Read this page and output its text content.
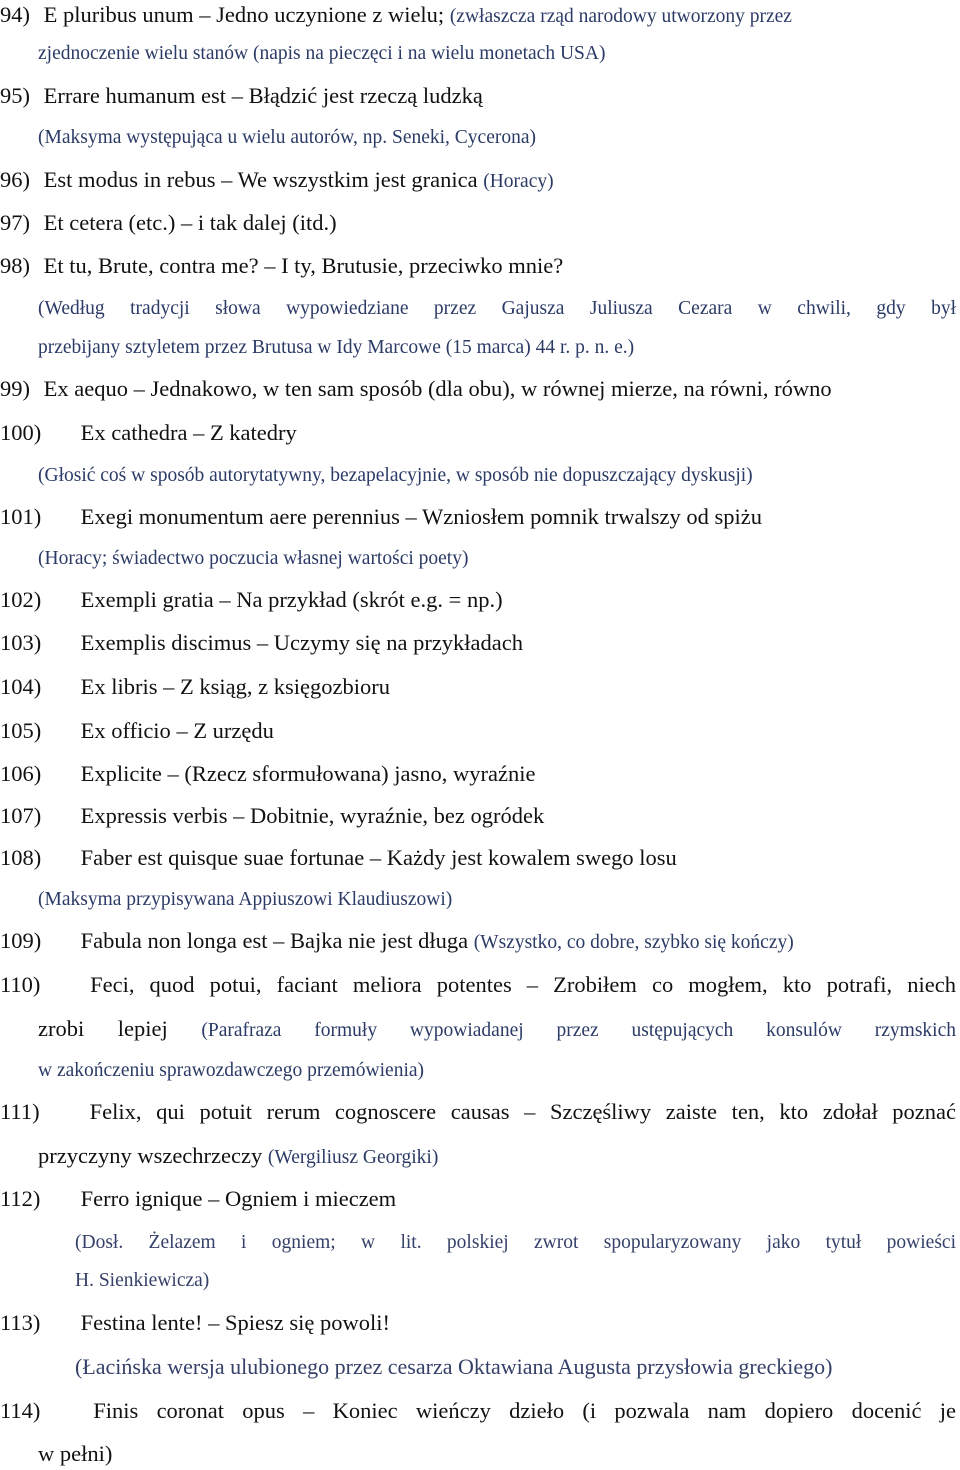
94) E pluribus unum – Jedno uczynione z wielu; (zwłaszcza rząd narodowy utworzony przez
zjednoczenie wielu stanów (napis na pieczęci i na wielu monetach USA)
95) Errare humanum est – Błądzić jest rzeczą ludzką
(Maksyma występująca u wielu autorów, np. Seneki, Cycerona)
96) Est modus in rebus – We wszystkim jest granica (Horacy)
97) Et cetera (etc.) – i tak dalej (itd.)
98) Et tu, Brute, contra me? – I ty, Brutusie, przeciwko mnie?
(Według tradycji słowa wypowiedziane przez Gajusza Juliusza Cezara w chwili, gdy był
przebijany sztyletem przez Brutusa w Idy Marcowe (15 marca) 44 r. p. n. e.)
99) Ex aequo – Jednakowo, w ten sam sposób (dla obu), w równej mierze, na równi, równo
100) Ex cathedra – Z katedry
(Głosić coś w sposób autorytatywny, bezapelacyjnie, w sposób nie dopuszczający dyskusji)
101) Exegi monumentum aere perennius – Wzniosłem pomnik trwalszy od spiżu
(Horacy; świadectwo poczucia własnej wartości poety)
102) Exempli gratia – Na przykład (skrót e.g. = np.)
103) Exemplis discimus – Uczymy się na przykładach
104) Ex libris – Z ksiąg, z księgozbioru
105) Ex officio – Z urzędu
106) Explicite – (Rzecz sformułowana) jasno, wyraźnie
107) Expressis verbis – Dobitnie, wyraźnie, bez ogródek
108) Faber est quisque suae fortunae – Każdy jest kowalem swego losu
(Maksyma przypisywana Appiuszowi Klaudiuszowi)
109) Fabula non longa est – Bajka nie jest długa (Wszystko, co dobre, szybko się kończy)
110) Feci, quod potui, faciant meliora potentes – Zrobiłem co mogłem, kto potrafi, niech
zrobi lepiej (Parafraza formuły wypowiadanej przez ustępujących konsulów rzymskich
w zakończeniu sprawozdawczego przemówienia)
111) Felix, qui potuit rerum cognoscere causas – Szczęśliwy zaiste ten, kto zdołał poznać
przyczyny wszechrzeczy (Wergiliusz Georgiki)
112) Ferro ignique – Ogniem i mieczem
(Dosł. Żelazem i ogniem; w lit. polskiej zwrot spopularyzowany jako tytuł powieści
H. Sienkiewicza)
113) Festina lente! – Spiesz się powoli!
(Łacińska wersja ulubionego przez cesarza Oktawiana Augusta przysłowia greckiego)
114) Finis coronat opus – Koniec wieńczy dzieło (i pozwala nam dopiero docenić je
w pełni)
